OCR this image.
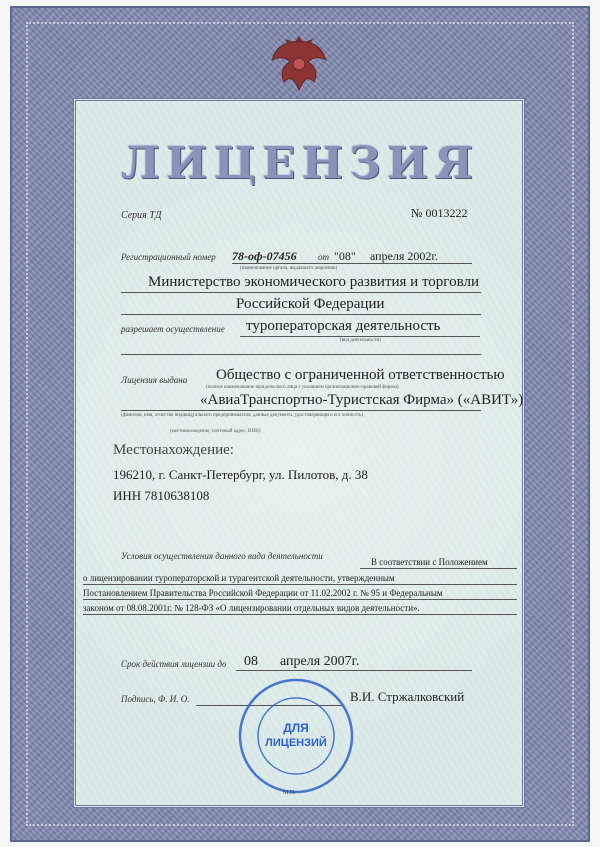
ЛИЦЕНЗИЯ
Серия ТД	№ 0013222
Регистрационный номер 78-оф-07456 от "08" апреля 2002г.
(наименование органа, выдавшего лицензию)
Министерство экономического развития и торговли
Российской Федерации
разрешает осуществление туроператорская деятельность
(вид деятельности)
Лицензия выдана Общество с ограниченной ответственностью
(полное наименование юридического лица с указанием организационно-правовой формы)
«АвиаТранспортно-Туристская Фирма» («АВИТ»)
(фамилия, имя, отчество индивидуального предпринимателя, данные документа, удостоверяющего его личность)
(местонахождение, почтовый адрес, ИНН)
Местонахождение:
196210, г. Санкт-Петербург, ул. Пилотов, д. 38
ИНН 7810638108
Условия осуществления данного вида деятельности
В соответствии с Положением
о лицензировании туроператорской и турагентской деятельности, утвержденным
Постановлением Правительства Российской Федерации от 11.02.2002 г. № 95 и Федеральным
законом от 08.08.2001г. № 128-ФЗ «О лицензировании отдельных видов деятельности».
Срок действия лицензии до 08 апреля 2007г.
Подпись, Ф. И. О.	В.И. Стржалковский
ДЛЯ
ЛИЦЕНЗИЙ
М.П.
